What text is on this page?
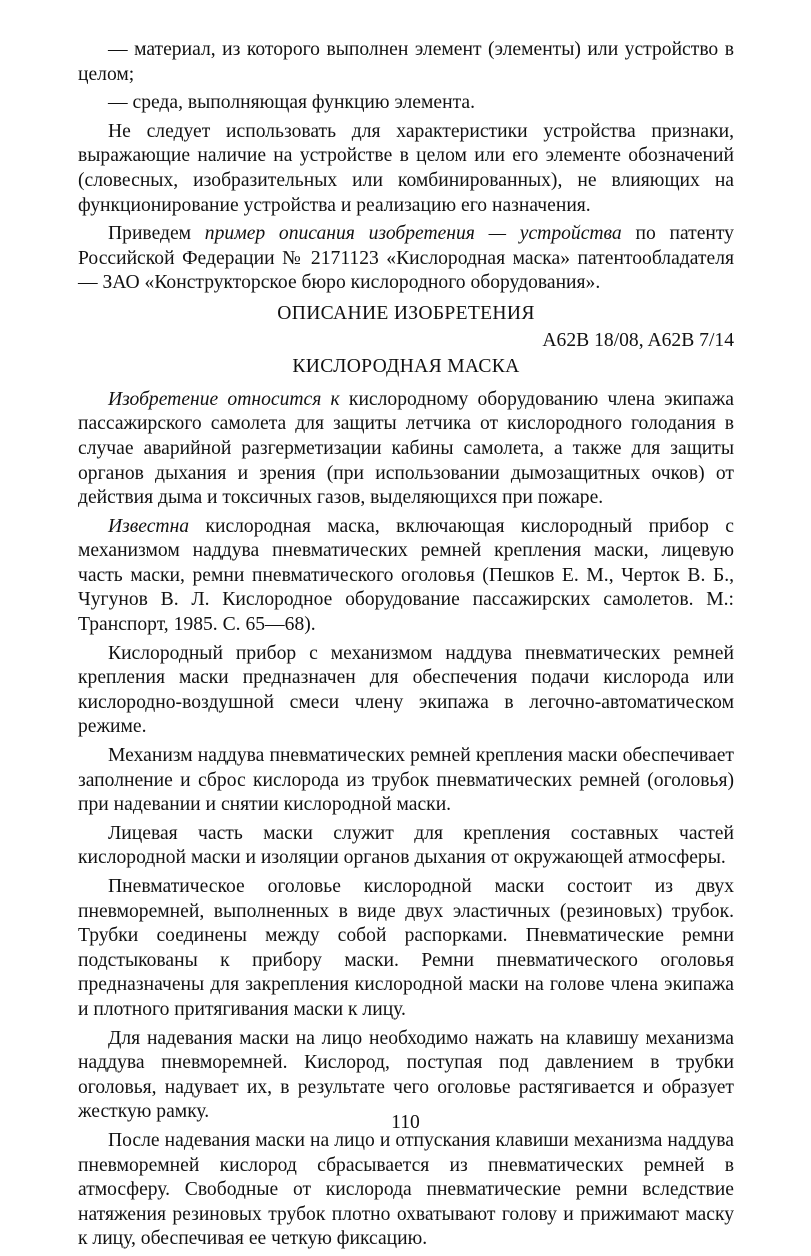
— материал, из которого выполнен элемент (элементы) или устройство в целом;

— среда, выполняющая функцию элемента.

Не следует использовать для характеристики устройства признаки, выражающие наличие на устройстве в целом или его элементе обозначений (словесных, изобразительных или комбинированных), не влияющих на функционирование устройства и реализацию его назначения.

Приведем пример описания изобретения — устройства по патенту Российской Федерации № 2171123 «Кислородная маска» патентообладателя — ЗАО «Конструкторское бюро кислородного оборудования».

ОПИСАНИЕ ИЗОБРЕТЕНИЯ
A62B 18/08, A62B 7/14
КИСЛОРОДНАЯ МАСКА

Изобретение относится к кислородному оборудованию члена экипажа пассажирского самолета для защиты летчика от кислородного голодания в случае аварийной разгерметизации кабины самолета, а также для защиты органов дыхания и зрения (при использовании дымозащитных очков) от действия дыма и токсичных газов, выделяющихся при пожаре.

Известна кислородная маска, включающая кислородный прибор с механизмом наддува пневматических ремней крепления маски, лицевую часть маски, ремни пневматического оголовья (Пешков Е. М., Черток В. Б., Чугунов В. Л. Кислородное оборудование пассажирских самолетов. М.: Транспорт, 1985. С. 65—68).

Кислородный прибор с механизмом наддува пневматических ремней крепления маски предназначен для обеспечения подачи кислорода или кислородно-воздушной смеси члену экипажа в легочно-автоматическом режиме.

Механизм наддува пневматических ремней крепления маски обеспечивает заполнение и сброс кислорода из трубок пневматических ремней (оголовья) при надевании и снятии кислородной маски.

Лицевая часть маски служит для крепления составных частей кислородной маски и изоляции органов дыхания от окружающей атмосферы.

Пневматическое оголовье кислородной маски состоит из двух пневморемней, выполненных в виде двух эластичных (резиновых) трубок. Трубки соединены между собой распорками. Пневматические ремни подстыкованы к прибору маски. Ремни пневматического оголовья предназначены для закрепления кислородной маски на голове члена экипажа и плотного притягивания маски к лицу.

Для надевания маски на лицо необходимо нажать на клавишу механизма наддува пневморемней. Кислород, поступая под давлением в трубки оголовья, надувает их, в результате чего оголовье растягивается и образует жесткую рамку.

После надевания маски на лицо и отпускания клавиши механизма наддува пневморемней кислород сбрасывается из пневматических ремней в атмосферу. Свободные от кислорода пневматические ремни вследствие натяжения резиновых трубок плотно охватывают голову и прижимают маску к лицу, обеспечивая ее четкую фиксацию.

110
